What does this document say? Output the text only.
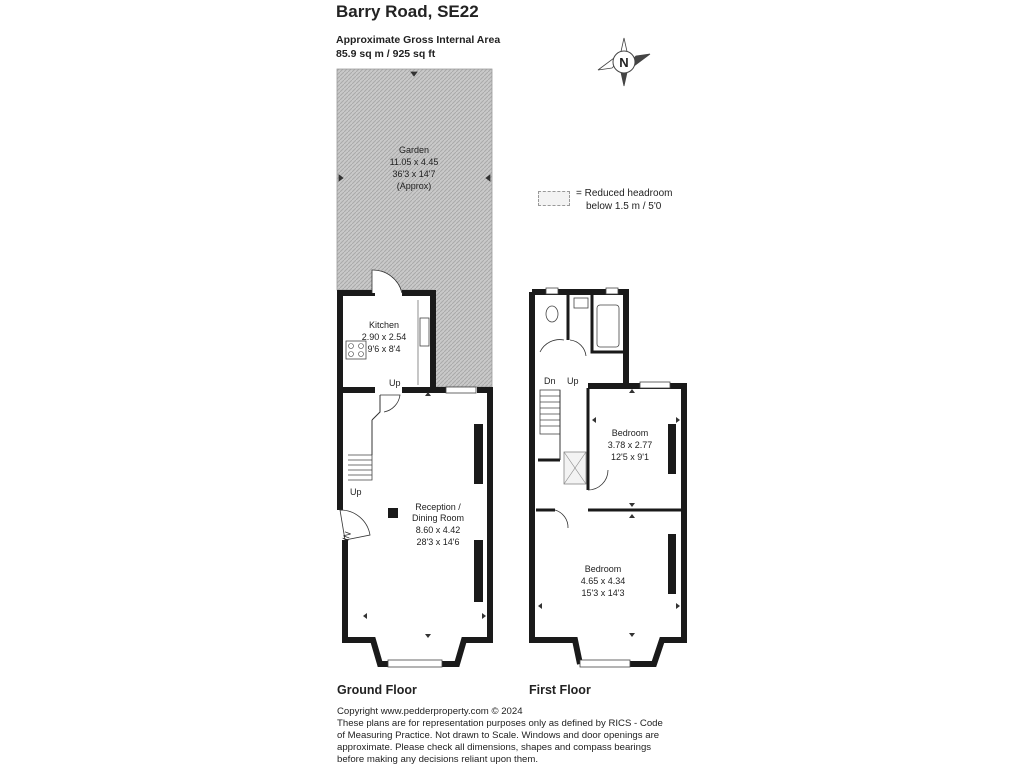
N
Garden
11.05 x 4.45
36'3 x 14'7
(Approx)
Kitchen
2.90 x 2.54
9'6 x 8'4
Up
Up
Reception /
Dining Room
8.60 x 4.42
28'3 x 14'6
IN
Dn Up
Bedroom
3.78 x 2.77
12'5 x 9'1
Bedroom
4.65 x 4.34
15'3 x 14'3
Barry Road, SE22
Approximate Gross Internal Area
85.9 sq m / 925 sq ft
= Reduced headroom
below 1.5 m / 5'0
Ground Floor	First Floor
Copyright www.pedderproperty.com © 2024
These plans are for representation purposes only as defined by RICS - Code
of Measuring Practice. Not drawn to Scale. Windows and door openings are
approximate. Please check all dimensions, shapes and compass bearings
before making any decisions reliant upon them.
